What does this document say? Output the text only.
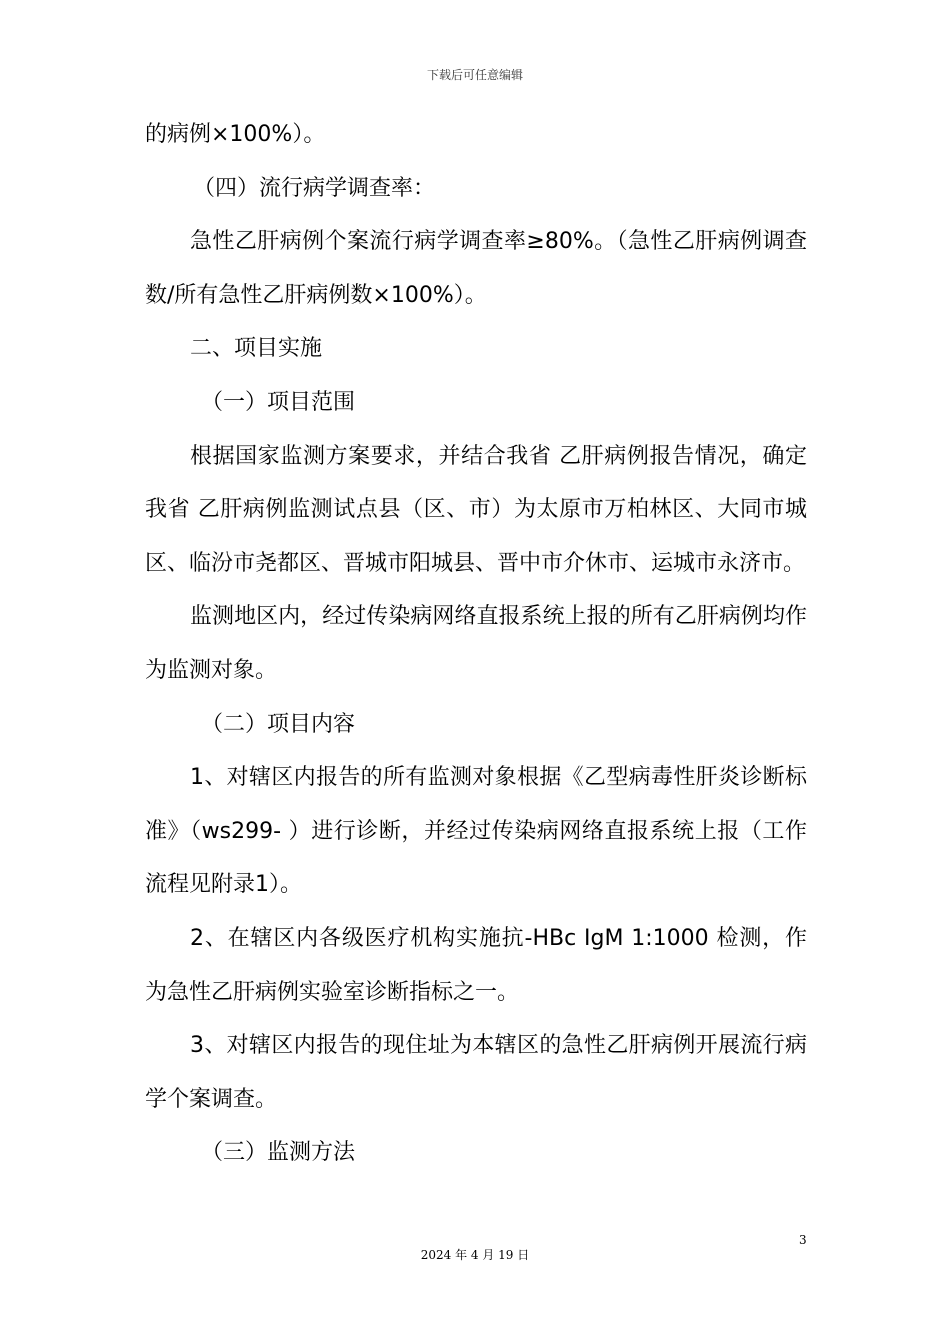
下载后可任意编辑

的病例×100%）。

（四）流行病学调查率：

急性乙肝病例个案流行病学调查率≥80%。（急性乙肝病例调查数/所有急性乙肝病例数×100%）。

二、项目实施

（一）项目范围

根据国家监测方案要求，并结合我省 乙肝病例报告情况，确定我省 乙肝病例监测试点县（区、市）为太原市万柏林区、大同市城区、临汾市尧都区、晋城市阳城县、晋中市介休市、运城市永济市。

监测地区内，经过传染病网络直报系统上报的所有乙肝病例均作为监测对象。

（二）项目内容

1、对辖区内报告的所有监测对象根据《乙型病毒性肝炎诊断标准》（ws299- ）进行诊断，并经过传染病网络直报系统上报（工作流程见附录1）。

2、在辖区内各级医疗机构实施抗-HBc IgM 1:1000 检测，作为急性乙肝病例实验室诊断指标之一。

3、对辖区内报告的现住址为本辖区的急性乙肝病例开展流行病学个案调查。

（三）监测方法

3
2024 年 4 月 19 日
